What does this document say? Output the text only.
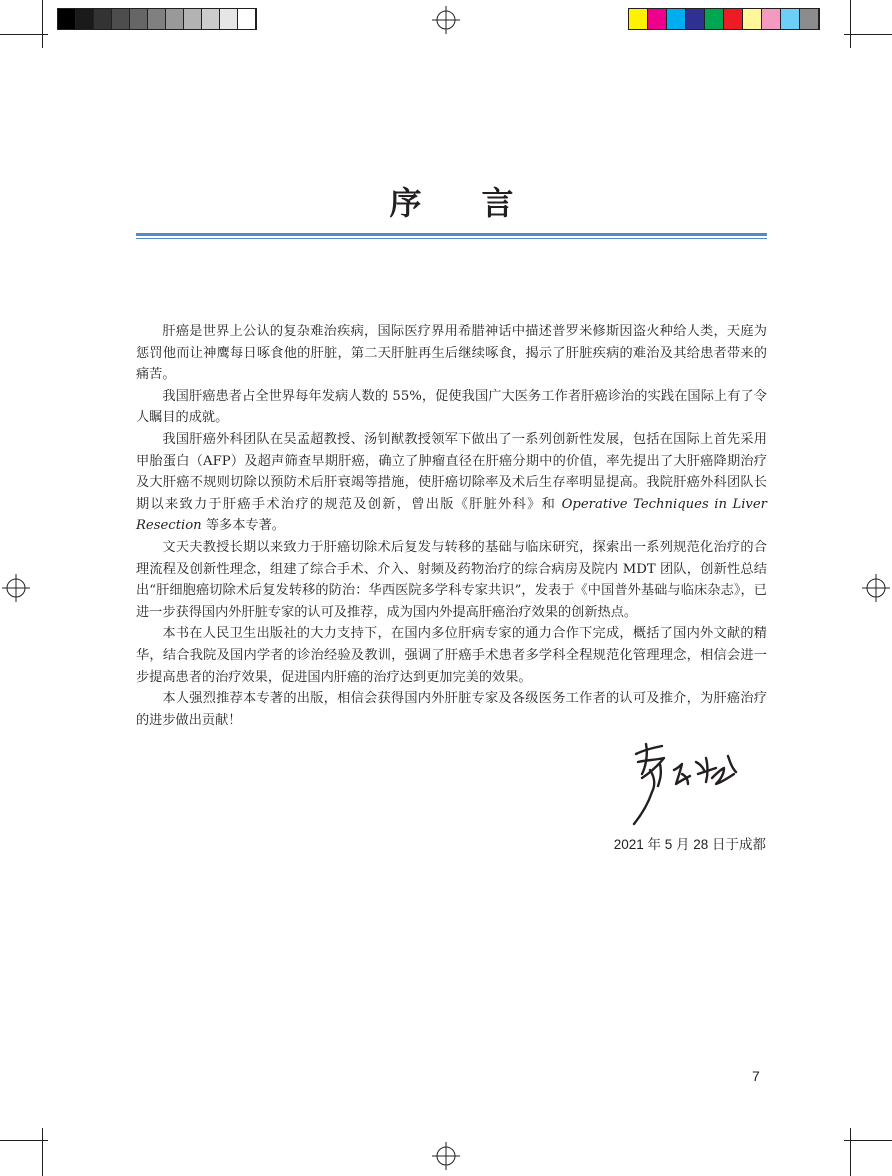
序 言

肝癌是世界上公认的复杂难治疾病，国际医疗界用希腊神话中描述普罗米修斯因盗火种给人类，天庭为惩罚他而让神鹰每日啄食他的肝脏，第二天肝脏再生后继续啄食，揭示了肝脏疾病的难治及其给患者带来的痛苦。

我国肝癌患者占全世界每年发病人数的 55%，促使我国广大医务工作者肝癌诊治的实践在国际上有了令人瞩目的成就。

我国肝癌外科团队在吴孟超教授、汤钊猷教授领军下做出了一系列创新性发展，包括在国际上首先采用甲胎蛋白（AFP）及超声筛查早期肝癌，确立了肿瘤直径在肝癌分期中的价值，率先提出了大肝癌降期治疗及大肝癌不规则切除以预防术后肝衰竭等措施，使肝癌切除率及术后生存率明显提高。我院肝癌外科团队长期以来致力于肝癌手术治疗的规范及创新，曾出版《肝脏外科》和 Operative Techniques in Liver Resection 等多本专著。

文天夫教授长期以来致力于肝癌切除术后复发与转移的基础与临床研究，探索出一系列规范化治疗的合理流程及创新性理念，组建了综合手术、介入、射频及药物治疗的综合病房及院内 MDT 团队，创新性总结出“肝细胞癌切除术后复发转移的防治：华西医院多学科专家共识”，发表于《中国普外基础与临床杂志》，已进一步获得国内外肝脏专家的认可及推荐，成为国内外提高肝癌治疗效果的创新热点。

本书在人民卫生出版社的大力支持下，在国内多位肝病专家的通力合作下完成，概括了国内外文献的精华，结合我院及国内学者的诊治经验及教训，强调了肝癌手术患者多学科全程规范化管理理念，相信会进一步提高患者的治疗效果，促进国内肝癌的治疗达到更加完美的效果。

本人强烈推荐本专著的出版，相信会获得国内外肝脏专家及各级医务工作者的认可及推介，为肝癌治疗的进步做出贡献！

2021 年 5 月 28 日于成都
7
